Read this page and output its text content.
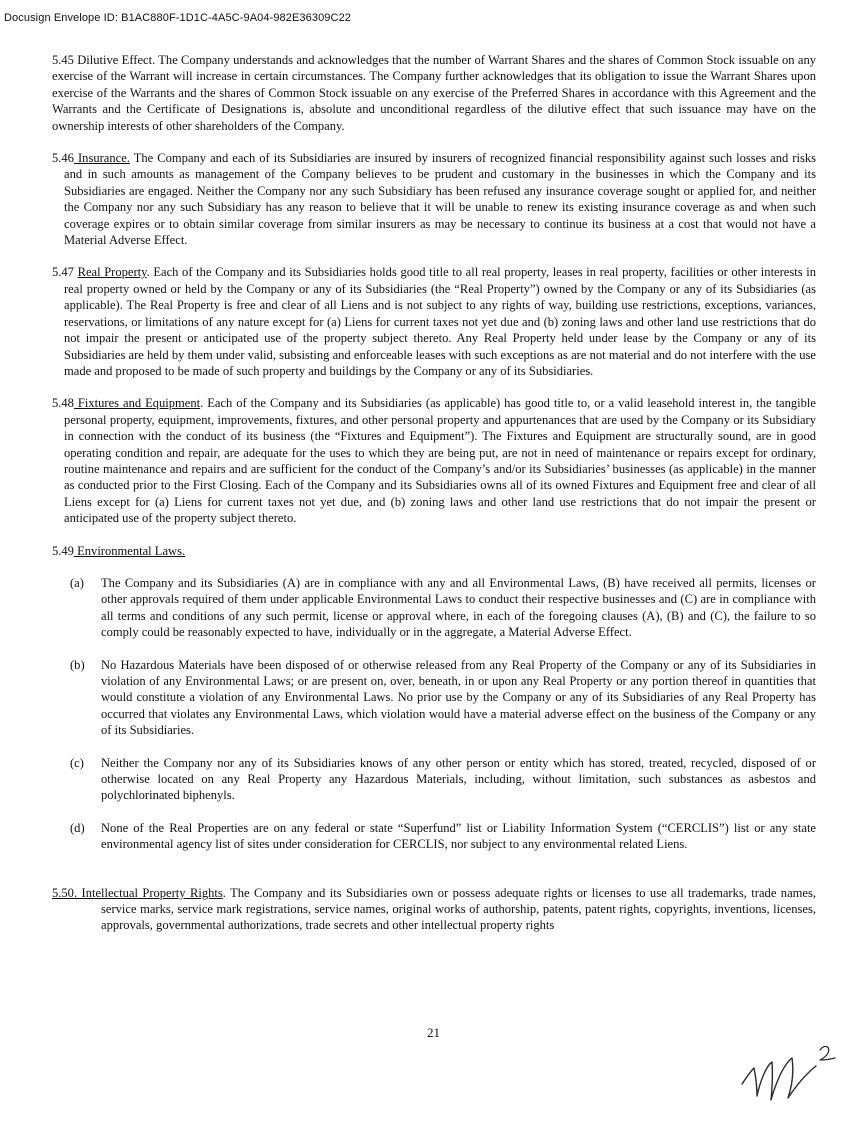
Docusign Envelope ID: B1AC880F-1D1C-4A5C-9A04-982E36309C22

5.45 Dilutive Effect. The Company understands and acknowledges that the number of Warrant Shares and the shares of Common Stock issuable on any exercise of the Warrant will increase in certain circumstances. The Company further acknowledges that its obligation to issue the Warrant Shares upon exercise of the Warrants and the shares of Common Stock issuable on any exercise of the Preferred Shares in accordance with this Agreement and the Warrants and the Certificate of Designations is, absolute and unconditional regardless of the dilutive effect that such issuance may have on the ownership interests of other shareholders of the Company.

5.46 Insurance. The Company and each of its Subsidiaries are insured by insurers of recognized financial responsibility against such losses and risks and in such amounts as management of the Company believes to be prudent and customary in the businesses in which the Company and its Subsidiaries are engaged. Neither the Company nor any such Subsidiary has been refused any insurance coverage sought or applied for, and neither the Company nor any such Subsidiary has any reason to believe that it will be unable to renew its existing insurance coverage as and when such coverage expires or to obtain similar coverage from similar insurers as may be necessary to continue its business at a cost that would not have a Material Adverse Effect.

5.47 Real Property. Each of the Company and its Subsidiaries holds good title to all real property, leases in real property, facilities or other interests in real property owned or held by the Company or any of its Subsidiaries (the “Real Property”) owned by the Company or any of its Subsidiaries (as applicable). The Real Property is free and clear of all Liens and is not subject to any rights of way, building use restrictions, exceptions, variances, reservations, or limitations of any nature except for (a) Liens for current taxes not yet due and (b) zoning laws and other land use restrictions that do not impair the present or anticipated use of the property subject thereto. Any Real Property held under lease by the Company or any of its Subsidiaries are held by them under valid, subsisting and enforceable leases with such exceptions as are not material and do not interfere with the use made and proposed to be made of such property and buildings by the Company or any of its Subsidiaries.

5.48 Fixtures and Equipment. Each of the Company and its Subsidiaries (as applicable) has good title to, or a valid leasehold interest in, the tangible personal property, equipment, improvements, fixtures, and other personal property and appurtenances that are used by the Company or its Subsidiary in connection with the conduct of its business (the “Fixtures and Equipment”). The Fixtures and Equipment are structurally sound, are in good operating condition and repair, are adequate for the uses to which they are being put, are not in need of maintenance or repairs except for ordinary, routine maintenance and repairs and are sufficient for the conduct of the Company’s and/or its Subsidiaries’ businesses (as applicable) in the manner as conducted prior to the First Closing. Each of the Company and its Subsidiaries owns all of its owned Fixtures and Equipment free and clear of all Liens except for (a) Liens for current taxes not yet due, and (b) zoning laws and other land use restrictions that do not impair the present or anticipated use of the property subject thereto.

5.49 Environmental Laws.

(a) The Company and its Subsidiaries (A) are in compliance with any and all Environmental Laws, (B) have received all permits, licenses or other approvals required of them under applicable Environmental Laws to conduct their respective businesses and (C) are in compliance with all terms and conditions of any such permit, license or approval where, in each of the foregoing clauses (A), (B) and (C), the failure to so comply could be reasonably expected to have, individually or in the aggregate, a Material Adverse Effect.
(b) No Hazardous Materials have been disposed of or otherwise released from any Real Property of the Company or any of its Subsidiaries in violation of any Environmental Laws; or are present on, over, beneath, in or upon any Real Property or any portion thereof in quantities that would constitute a violation of any Environmental Laws. No prior use by the Company or any of its Subsidiaries of any Real Property has occurred that violates any Environmental Laws, which violation would have a material adverse effect on the business of the Company or any of its Subsidiaries.
(c) Neither the Company nor any of its Subsidiaries knows of any other person or entity which has stored, treated, recycled, disposed of or otherwise located on any Real Property any Hazardous Materials, including, without limitation, such substances as asbestos and polychlorinated biphenyls.
(d) None of the Real Properties are on any federal or state “Superfund” list or Liability Information System (“CERCLIS”) list or any state environmental agency list of sites under consideration for CERCLIS, nor subject to any environmental related Liens.

5.50. Intellectual Property Rights. The Company and its Subsidiaries own or possess adequate rights or licenses to use all trademarks, trade names, service marks, service mark registrations, service names, original works of authorship, patents, patent rights, copyrights, inventions, licenses, approvals, governmental authorizations, trade secrets and other intellectual property rights

21
